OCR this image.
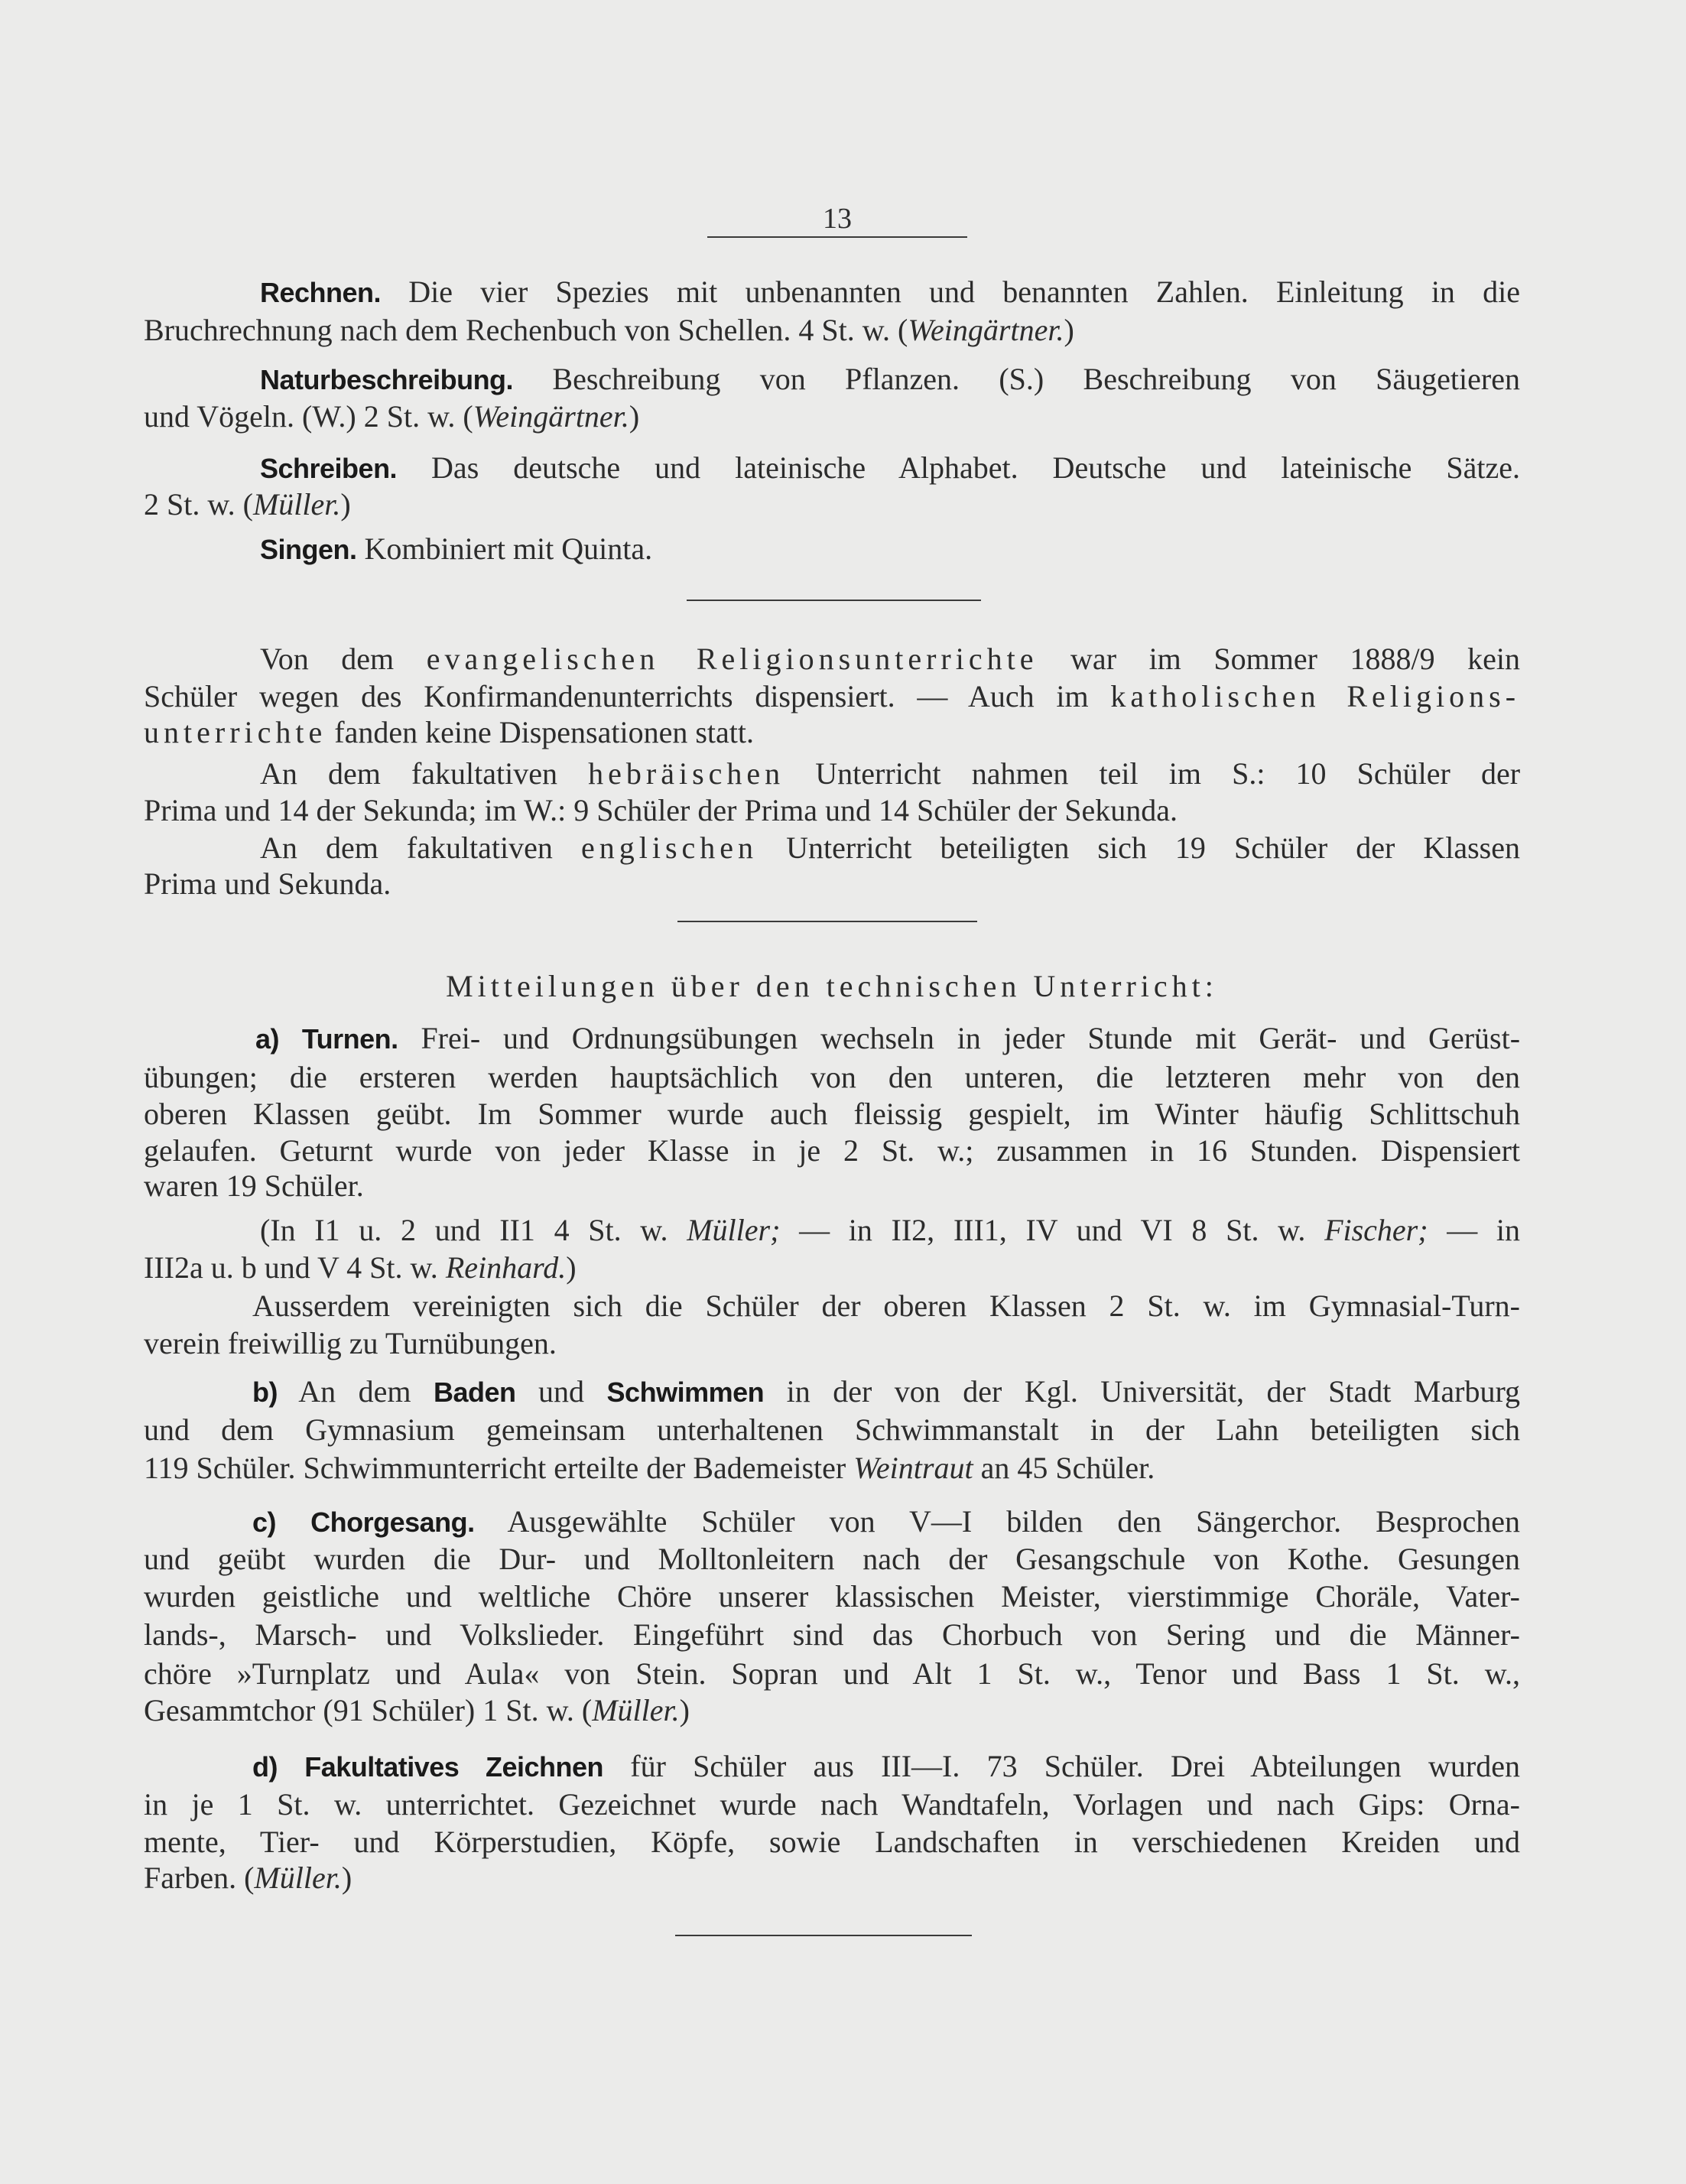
13
Rechnen. Die vier Spezies mit unbenannten und benannten Zahlen. Einleitung in die
Bruchrechnung nach dem Rechenbuch von Schellen. 4 St. w. (Weingärtner.)
Naturbeschreibung. Beschreibung von Pflanzen. (S.) Beschreibung von Säugetieren
und Vögeln. (W.) 2 St. w. (Weingärtner.)
Schreiben. Das deutsche und lateinische Alphabet. Deutsche und lateinische Sätze.
2 St. w. (Müller.)
Singen. Kombiniert mit Quinta.
Von dem evangelischen Religionsunterrichte war im Sommer 1888/9 kein
Schüler wegen des Konfirmandenunterrichts dispensiert. — Auch im katholischen Religions-
unterrichte fanden keine Dispensationen statt.
An dem fakultativen hebräischen Unterricht nahmen teil im S.: 10 Schüler der
Prima und 14 der Sekunda; im W.: 9 Schüler der Prima und 14 Schüler der Sekunda.
An dem fakultativen englischen Unterricht beteiligten sich 19 Schüler der Klassen
Prima und Sekunda.
Mitteilungen über den technischen Unterricht:
a) Turnen. Frei- und Ordnungsübungen wechseln in jeder Stunde mit Gerät- und Gerüst-
übungen; die ersteren werden hauptsächlich von den unteren, die letzteren mehr von den
oberen Klassen geübt. Im Sommer wurde auch fleissig gespielt, im Winter häufig Schlittschuh
gelaufen. Geturnt wurde von jeder Klasse in je 2 St. w.; zusammen in 16 Stunden. Dispensiert
waren 19 Schüler.
(In I1 u. 2 und II1 4 St. w. Müller; — in II2, III1, IV und VI 8 St. w. Fischer; — in
III2a u. b und V 4 St. w. Reinhard.)
Ausserdem vereinigten sich die Schüler der oberen Klassen 2 St. w. im Gymnasial-Turn-
verein freiwillig zu Turnübungen.
b) An dem Baden und Schwimmen in der von der Kgl. Universität, der Stadt Marburg
und dem Gymnasium gemeinsam unterhaltenen Schwimmanstalt in der Lahn beteiligten sich
119 Schüler. Schwimmunterricht erteilte der Bademeister Weintraut an 45 Schüler.
c) Chorgesang. Ausgewählte Schüler von V—I bilden den Sängerchor. Besprochen
und geübt wurden die Dur- und Molltonleitern nach der Gesangschule von Kothe. Gesungen
wurden geistliche und weltliche Chöre unserer klassischen Meister, vierstimmige Choräle, Vater-
lands-, Marsch- und Volkslieder. Eingeführt sind das Chorbuch von Sering und die Männer-
chöre »Turnplatz und Aula« von Stein. Sopran und Alt 1 St. w., Tenor und Bass 1 St. w.,
Gesammtchor (91 Schüler) 1 St. w. (Müller.)
d) Fakultatives Zeichnen für Schüler aus III—I. 73 Schüler. Drei Abteilungen wurden
in je 1 St. w. unterrichtet. Gezeichnet wurde nach Wandtafeln, Vorlagen und nach Gips: Orna-
mente, Tier- und Körperstudien, Köpfe, sowie Landschaften in verschiedenen Kreiden und
Farben. (Müller.)
